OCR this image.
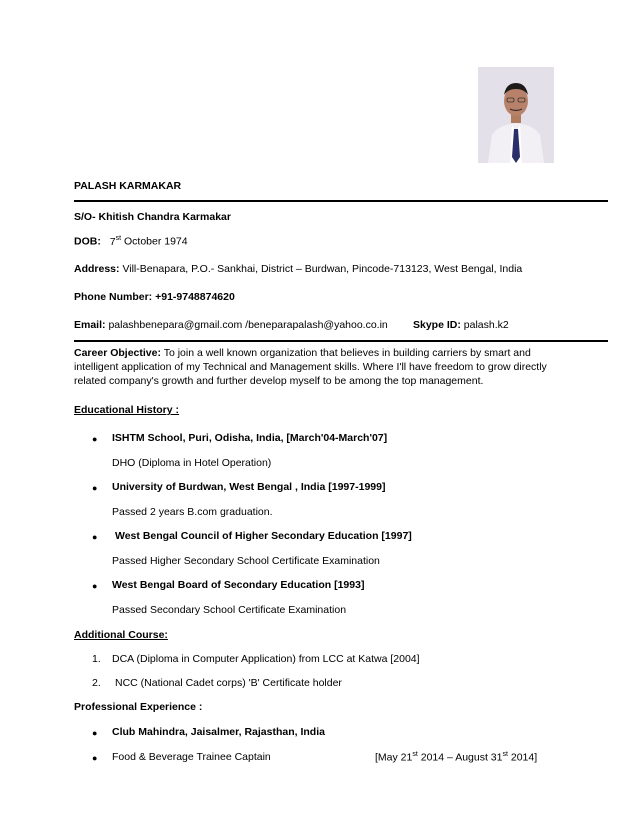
PALASH KARMAKAR
S/O- Khitish Chandra Karmakar
DOB: 7st October 1974
Address: Vill-Benapara, P.O.- Sankhai, District – Burdwan, Pincode-713123, West Bengal, India
Phone Number: +91-9748874620
Email: palashbenepara@gmail.com /beneparapalash@yahoo.co.in Skype ID: palash.k2
Career Objective: To join a well known organization that believes in building carriers by smart and
intelligent application of my Technical and Management skills. Where I'll have freedom to grow directly
related company's growth and further develop myself to be among the top management.
Educational History :
● ISHTM School, Puri, Odisha, India, [March'04-March'07]
DHO (Diploma in Hotel Operation)
● University of Burdwan, West Bengal , India [1997-1999]
Passed 2 years B.com graduation.
● West Bengal Council of Higher Secondary Education [1997]
Passed Higher Secondary School Certificate Examination
● West Bengal Board of Secondary Education [1993]
Passed Secondary School Certificate Examination
Additional Course:
1. DCA (Diploma in Computer Application) from LCC at Katwa [2004]
2. NCC (National Cadet corps) 'B' Certificate holder
Professional Experience :
● Club Mahindra, Jaisalmer, Rajasthan, India
● Food & Beverage Trainee Captain	[May 21st 2014 – August 31st 2014]
